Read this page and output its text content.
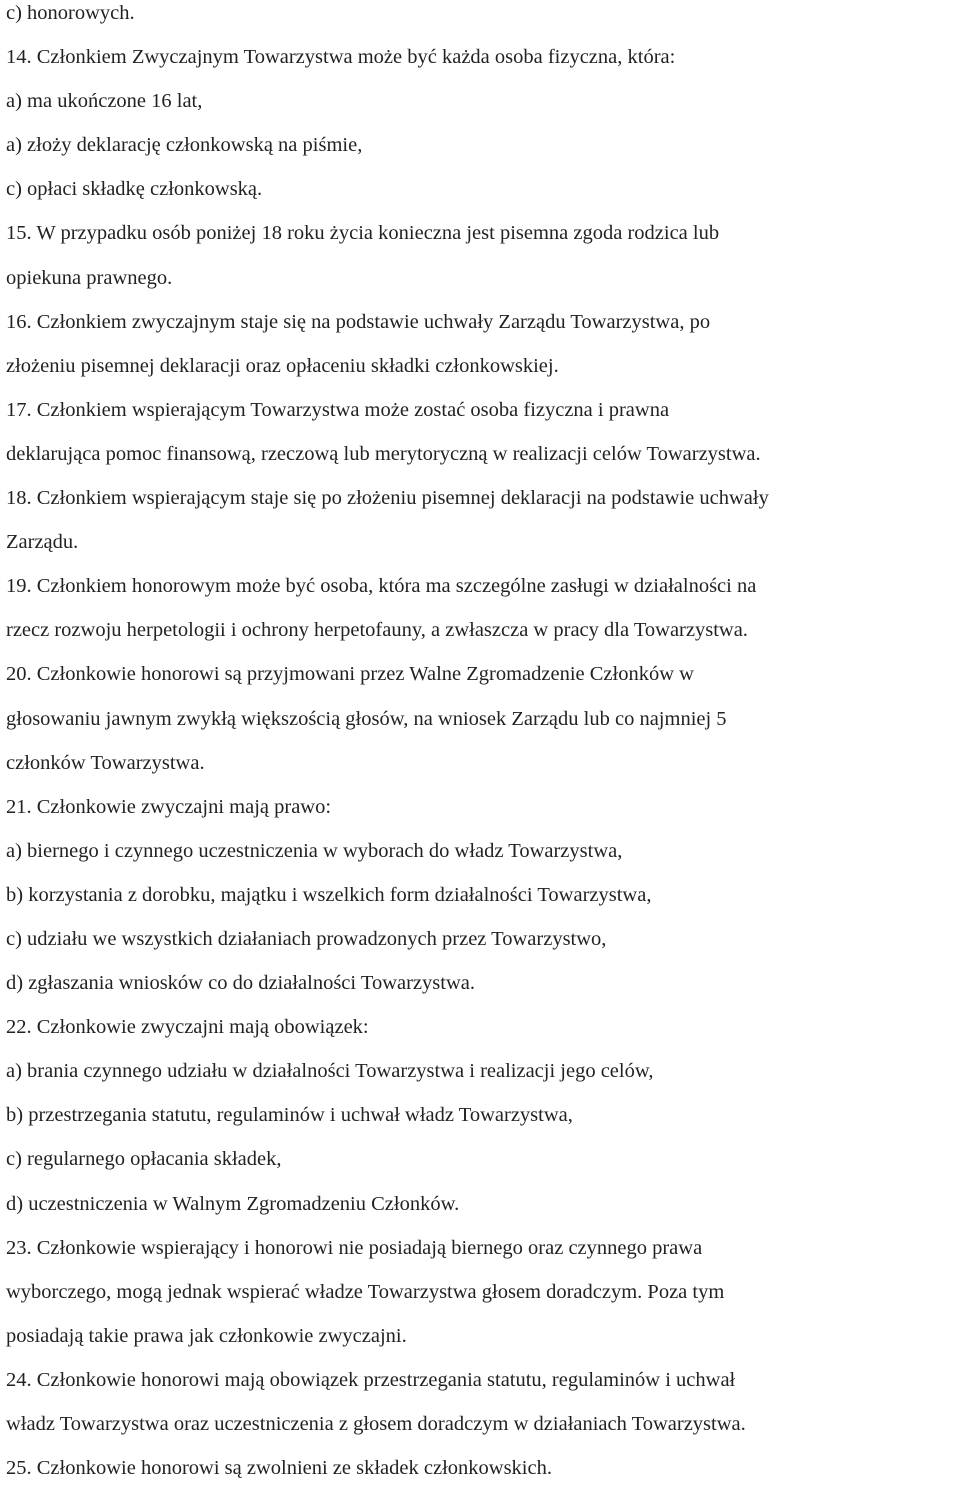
c) honorowych.
14. Członkiem Zwyczajnym Towarzystwa może być każda osoba fizyczna, która:
a) ma ukończone 16 lat,
a) złoży deklarację członkowską na piśmie,
c) opłaci składkę członkowską.
15. W przypadku osób poniżej 18 roku życia konieczna jest pisemna zgoda rodzica lub
opiekuna prawnego.
16. Członkiem zwyczajnym staje się na podstawie uchwały Zarządu Towarzystwa, po
złożeniu pisemnej deklaracji oraz opłaceniu składki członkowskiej.
17. Członkiem wspierającym Towarzystwa może zostać osoba fizyczna i prawna
deklarująca pomoc finansową, rzeczową lub merytoryczną w realizacji celów Towarzystwa.
18. Członkiem wspierającym staje się po złożeniu pisemnej deklaracji na podstawie uchwały
Zarządu.
19. Członkiem honorowym może być osoba, która ma szczególne zasługi w działalności na
rzecz rozwoju herpetologii i ochrony herpetofauny, a zwłaszcza w pracy dla Towarzystwa.
20. Członkowie honorowi są przyjmowani przez Walne Zgromadzenie Członków w
głosowaniu jawnym zwykłą większością głosów, na wniosek Zarządu lub co najmniej 5
członków Towarzystwa.
21. Członkowie zwyczajni mają prawo:
a) biernego i czynnego uczestniczenia w wyborach do władz Towarzystwa,
b) korzystania z dorobku, majątku i wszelkich form działalności Towarzystwa,
c) udziału we wszystkich działaniach prowadzonych przez Towarzystwo,
d) zgłaszania wniosków co do działalności Towarzystwa.
22. Członkowie zwyczajni mają obowiązek:
a) brania czynnego udziału w działalności Towarzystwa i realizacji jego celów,
b) przestrzegania statutu, regulaminów i uchwał władz Towarzystwa,
c) regularnego opłacania składek,
d) uczestniczenia w Walnym Zgromadzeniu Członków.
23. Członkowie wspierający i honorowi nie posiadają biernego oraz czynnego prawa
wyborczego, mogą jednak wspierać władze Towarzystwa głosem doradczym. Poza tym
posiadają takie prawa jak członkowie zwyczajni.
24. Członkowie honorowi mają obowiązek przestrzegania statutu, regulaminów i uchwał
władz Towarzystwa oraz uczestniczenia z głosem doradczym w działaniach Towarzystwa.
25. Członkowie honorowi są zwolnieni ze składek członkowskich.
